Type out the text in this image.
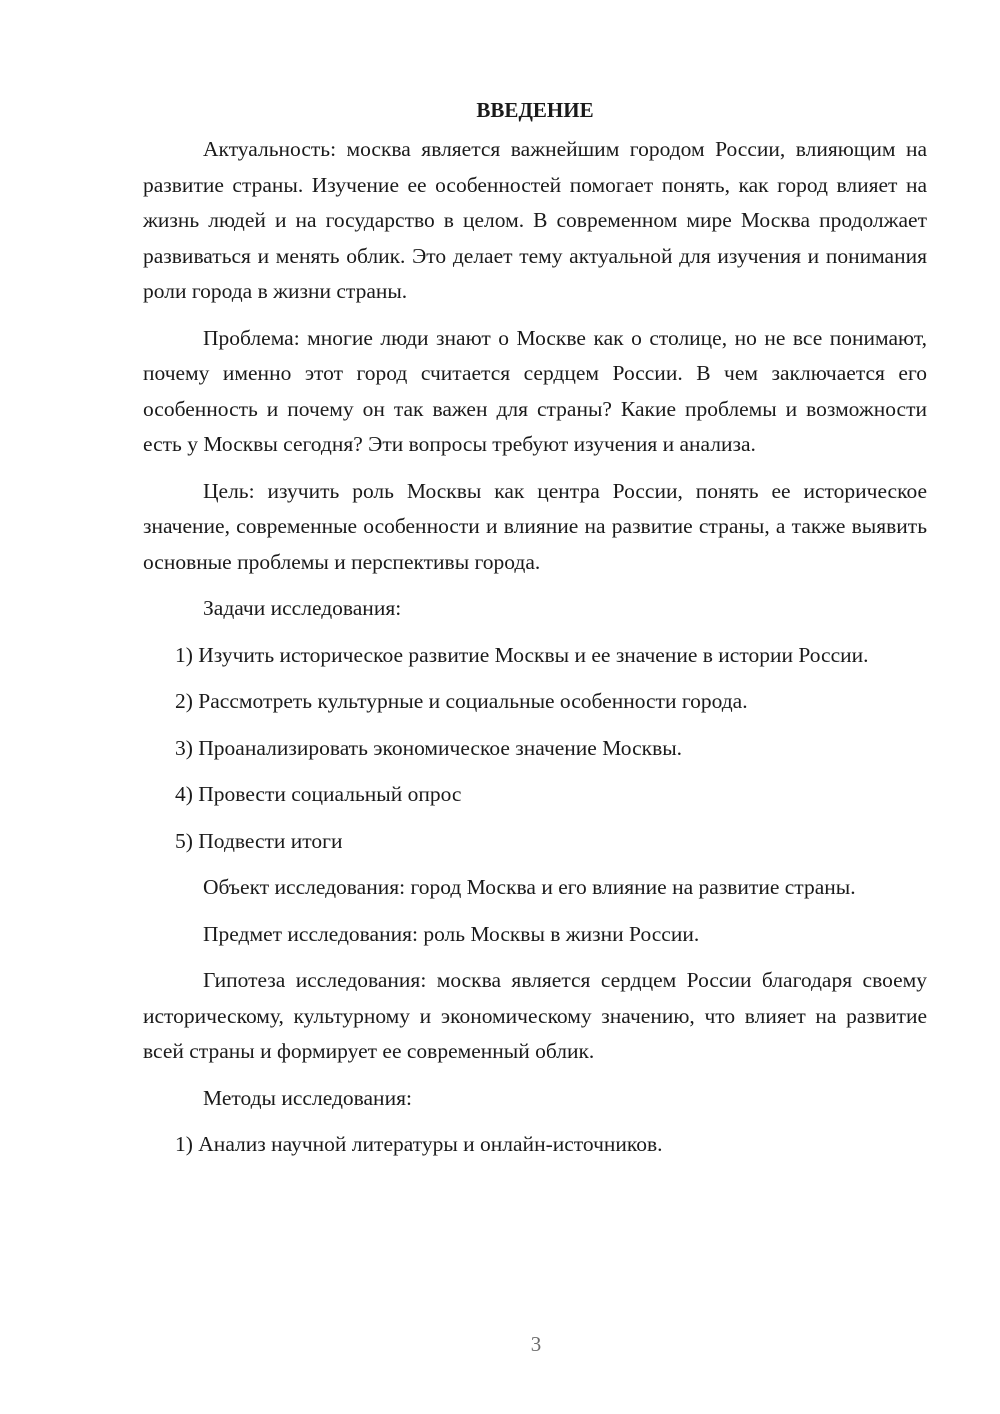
ВВЕДЕНИЕ

Актуальность: москва является важнейшим городом России, влияющим на развитие страны. Изучение ее особенностей помогает понять, как город влияет на жизнь людей и на государство в целом. В современном мире Москва продолжает развиваться и менять облик. Это делает тему актуальной для изучения и понимания роли города в жизни страны.

Проблема: многие люди знают о Москве как о столице, но не все понимают, почему именно этот город считается сердцем России. В чем заключается его особенность и почему он так важен для страны? Какие проблемы и возможности есть у Москвы сегодня? Эти вопросы требуют изучения и анализа.

Цель: изучить роль Москвы как центра России, понять ее историческое значение, современные особенности и влияние на развитие страны, а также выявить основные проблемы и перспективы города.

Задачи исследования:

1) Изучить историческое развитие Москвы и ее значение в истории России.

2) Рассмотреть культурные и социальные особенности города.

3) Проанализировать экономическое значение Москвы.

4) Провести социальный опрос

5) Подвести итоги

Объект исследования: город Москва и его влияние на развитие страны.

Предмет исследования: роль Москвы в жизни России.

Гипотеза исследования: москва является сердцем России благодаря своему историческому, культурному и экономическому значению, что влияет на развитие всей страны и формирует ее современный облик.

Методы исследования:

1) Анализ научной литературы и онлайн-источников.

3
